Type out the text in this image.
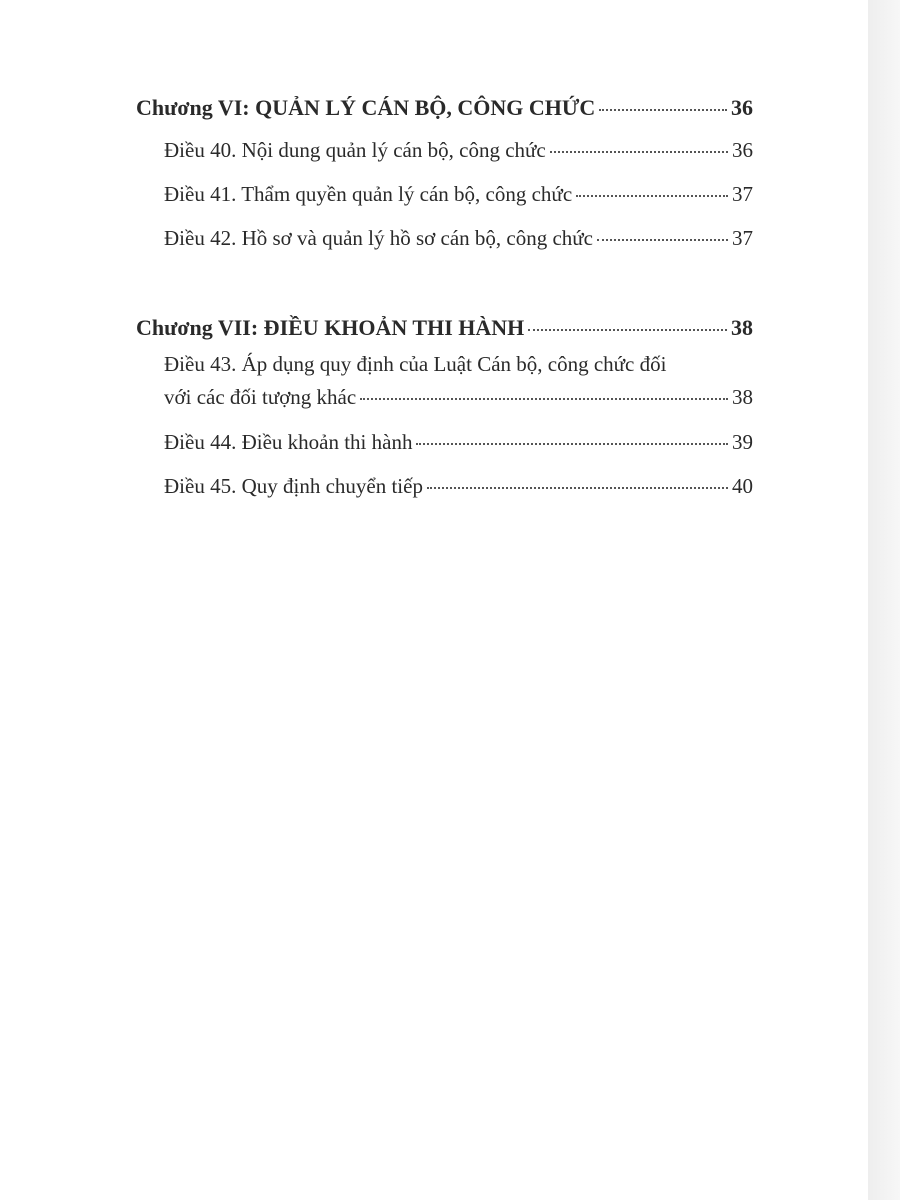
Chương VI: QUẢN LÝ CÁN BỘ, CÔNG CHỨC	36
Điều 40. Nội dung quản lý cán bộ, công chức	36
Điều 41. Thẩm quyền quản lý cán bộ, công chức	37
Điều 42. Hồ sơ và quản lý hồ sơ cán bộ, công chức	37
Chương VII: ĐIỀU KHOẢN THI HÀNH	38
Điều 43. Áp dụng quy định của Luật Cán bộ, công chức đối
với các đối tượng khác	38
Điều 44. Điều khoản thi hành	39
Điều 45. Quy định chuyển tiếp	40
